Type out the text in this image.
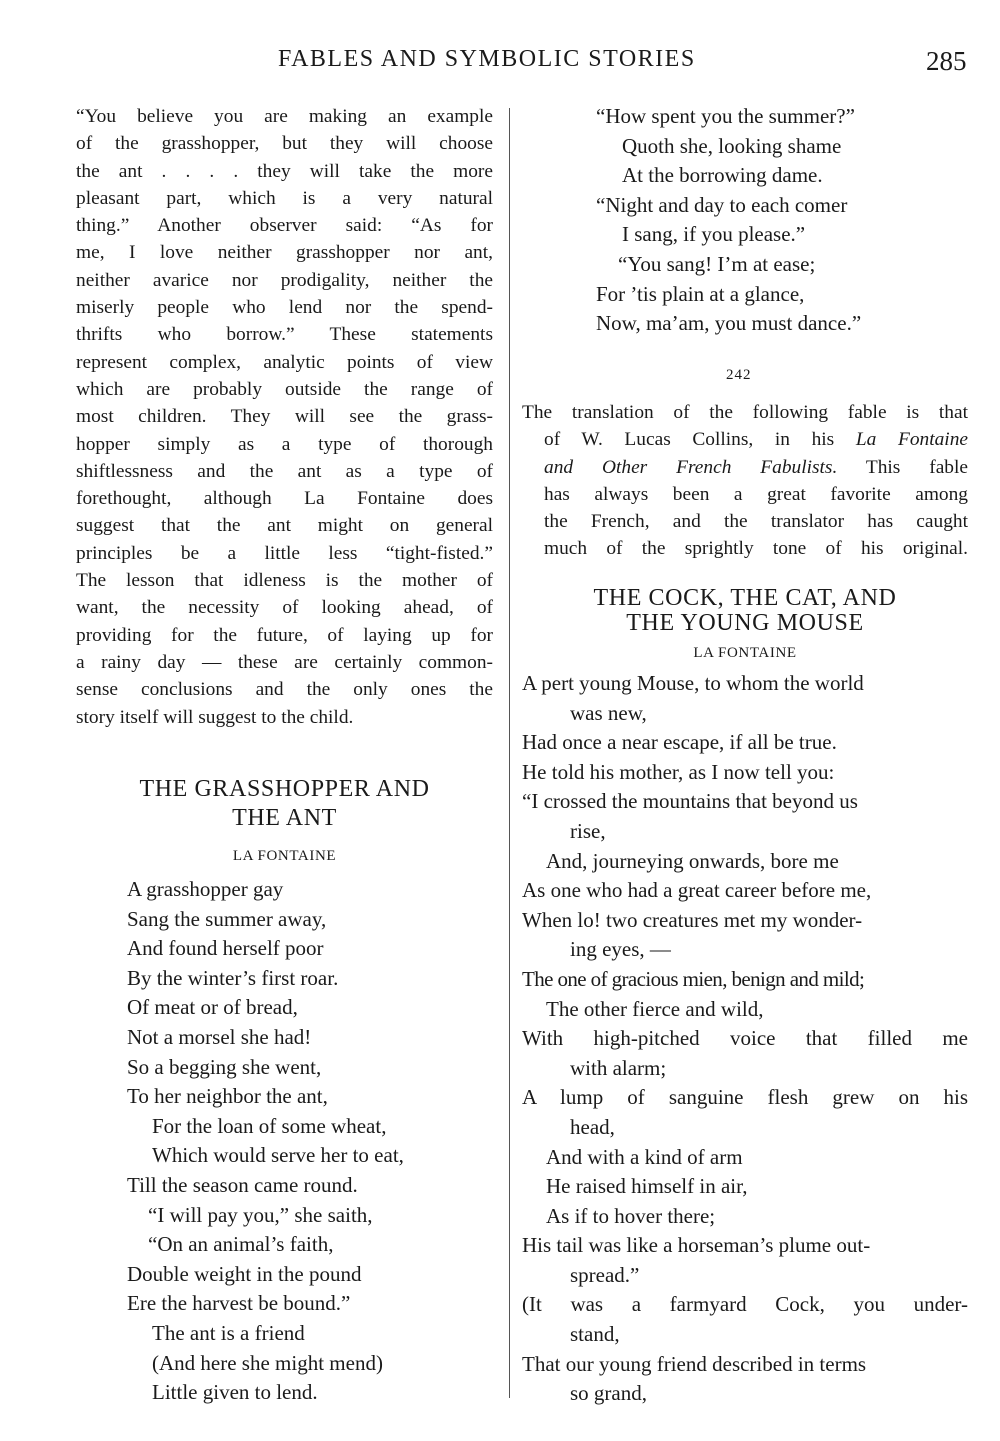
FABLES AND SYMBOLIC STORIES	285
“You believe you are making an example
of the grasshopper, but they will choose
the ant . . . . they will take the more
pleasant part, which is a very natural
thing.” Another observer said: “As for
me, I love neither grasshopper nor ant,
neither avarice nor prodigality, neither the
miserly people who lend nor the spend-
thrifts who borrow.” These statements
represent complex, analytic points of view
which are probably outside the range of
most children. They will see the grass-
hopper simply as a type of thorough
shiftlessness and the ant as a type of
forethought, although La Fontaine does
suggest that the ant might on general
principles be a little less “tight-fisted.”
The lesson that idleness is the mother of
want, the necessity of looking ahead, of
providing for the future, of laying up for
a rainy day — these are certainly common-
sense conclusions and the only ones the
story itself will suggest to the child.
THE GRASSHOPPER AND
THE ANT
LA FONTAINE
A grasshopper gay
Sang the summer away,
And found herself poor
By the winter’s first roar.
Of meat or of bread,
Not a morsel she had!
So a begging she went,
To her neighbor the ant,
For the loan of some wheat,
Which would serve her to eat,
Till the season came round.
“I will pay you,” she saith,
“On an animal’s faith,
Double weight in the pound
Ere the harvest be bound.”
The ant is a friend
(And here she might mend)
Little given to lend.
“How spent you the summer?”
Quoth she, looking shame
At the borrowing dame.
“Night and day to each comer
I sang, if you please.”
“You sang! I’m at ease;
For ’tis plain at a glance,
Now, ma’am, you must dance.”
242
The translation of the following fable is that
of W. Lucas Collins, in his La Fontaine
and Other French Fabulists. This fable
has always been a great favorite among
the French, and the translator has caught
much of the sprightly tone of his original.
THE COCK, THE CAT, AND
THE YOUNG MOUSE
LA FONTAINE
A pert young Mouse, to whom the world
was new,
Had once a near escape, if all be true.
He told his mother, as I now tell you:
“I crossed the mountains that beyond us
rise,
And, journeying onwards, bore me
As one who had a great career before me,
When lo! two creatures met my wonder-
ing eyes, —
The one of gracious mien, benign and mild;
The other fierce and wild,
With high-pitched voice that filled me
with alarm;
A lump of sanguine flesh grew on his
head,
And with a kind of arm
He raised himself in air,
As if to hover there;
His tail was like a horseman’s plume out-
spread.”
(It was a farmyard Cock, you under-
stand,
That our young friend described in terms
so grand,
